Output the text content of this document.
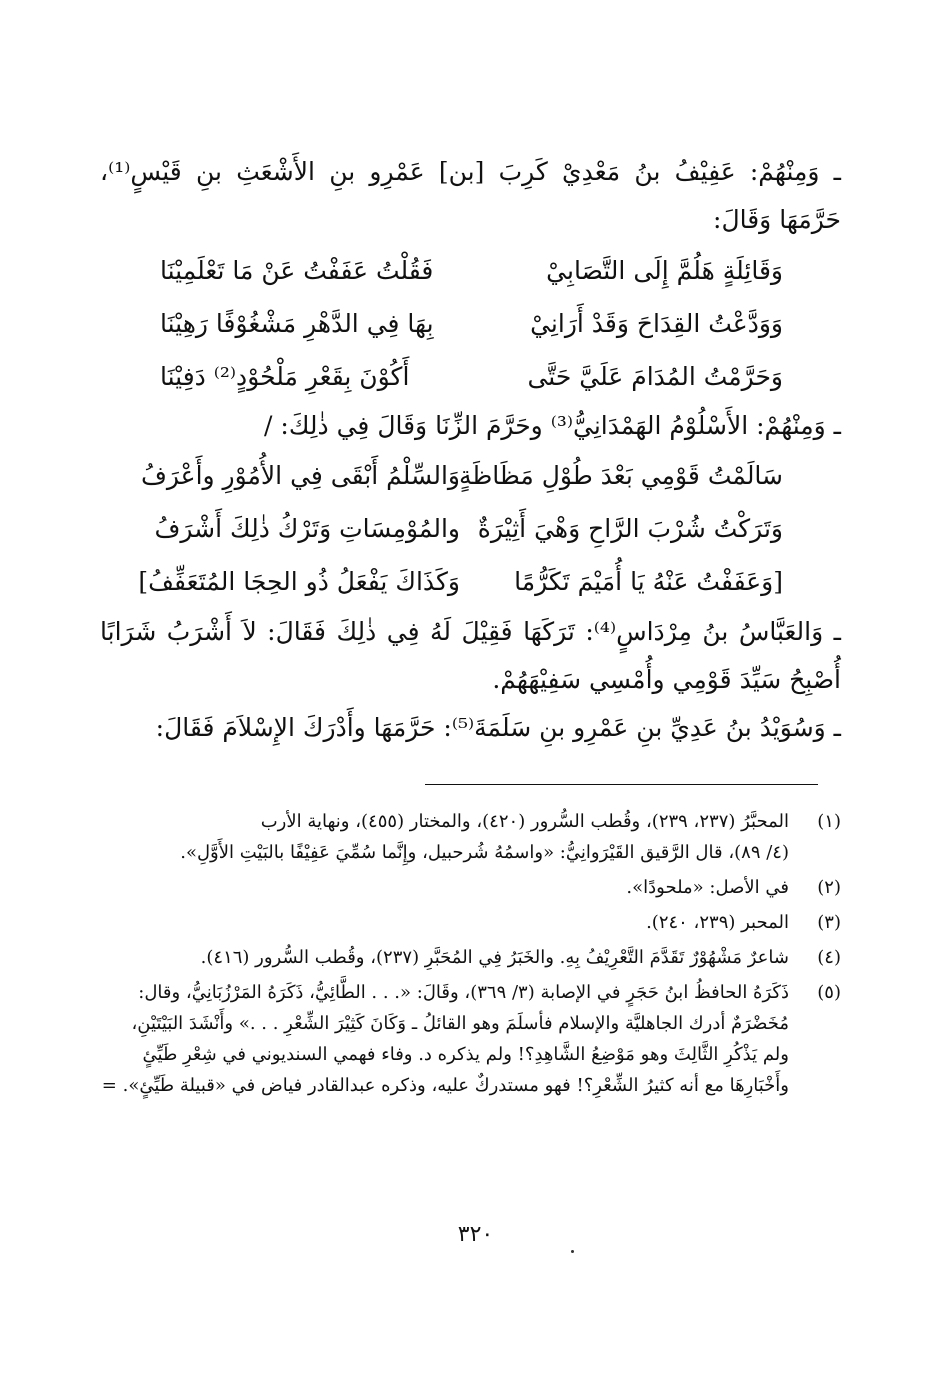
ـ وَمِنْهُمْ: عَفِيْفُ بنُ مَعْدِيْ كَرِبَ [بن] عَمْرِو بنِ الأَشْعَثِ بنِ قَيْسٍ⁽¹⁾، حَرَّمَهَا وَقَالَ:
وَقَائِلَةٍ هَلُمَّ إِلَى التَّصَابِيْ
فَقُلْتُ عَفَفْتُ عَنْ مَا تَعْلَمِيْنَا
وَوَدَّعْتُ القِدَاحَ وَقَدْ أَرَانِيْ
بِهَا فِي الدَّهْرِ مَشْغُوْفًا رَهِيْنَا
وَحَرَّمْتُ المُدَامَ عَلَيَّ حَتَّى
أَكُوْنَ بِقَعْرِ مَلْحُوْدٍ⁽²⁾ دَفِيْنَا
ـ وَمِنْهُمْ: الأَسْلُوْمُ الهَمْدَانِيُّ⁽³⁾ وحَرَّمَ الزِّنَا وَقَالَ فِي ذٰلِكَ: /
سَالَمْتُ قَوْمِي بَعْدَ طُوْلِ مَظَاظَةٍ
وَالسِّلْمُ أَبْقَى فِي الأُمُوْرِ وأَعْرَفُ
وَتَرَكْتُ شُرْبَ الرَّاحِ وَهْيَ أَثِيْرَةٌ
والمُوْمِسَاتِ وَتَرْكُ ذٰلِكَ أَشْرَفُ
[وَعَفَفْتُ عَنْهُ يَا أُمَيْمَ تَكَرُّمًا
وَكَذَاكَ يَفْعَلُ ذُو الحِجَا المُتَعَفِّفُ]
ـ وَالعَبَّاسُ بنُ مِرْدَاسٍ⁽⁴⁾: تَرَكَهَا فَقِيْلَ لَهُ فِي ذٰلِكَ فَقَالَ: لاَ أَشْرَبُ شَرَابًا أُصْبِحُ سَيِّدَ قَوْمِي وأُمْسِي سَفِيْهَهُمْ.
ـ وَسُوَيْدُ بنُ عَدِيِّ بنِ عَمْرِو بنِ سَلَمَةَ⁽⁵⁾: حَرَّمَهَا وأَدْرَكَ الإِسْلاَمَ فَقَالَ:
(١)
المحبَّرُ (٢٣٧، ٢٣٩)، وقُطب السُّرور (٤٢٠)، والمختار (٤٥٥)، ونهاية الأرب
(٤/ ٨٩)، قال الرَّقيق القَيْرَوانِيُّ: «واسمُهُ شُرحبيل، وإِنَّما سُمِّيَ عَفِيْفًا بالبَيْتِ الأَوَّلِ».
(٢)
في الأصل: «ملحودًا».
(٣)
المحبر (٢٣٩، ٢٤٠).
(٤)
شاعرٌ مَشْهُوْرٌ تَقَدَّمَ التَّعْرِيْفُ بِهِ. والخَبَرُ فِي المُحَبَّرِ (٢٣٧)، وقُطب السُّرور (٤١٦).
(٥)
ذَكَرَهُ الحافظُ ابنُ حَجَرٍ في الإصابة (٣/ ٣٦٩)، وقَالَ: «. . . الطَّائِيُّ، ذَكَرَهُ المَرْزُبَانِيُّ، وقال:
مُخَضْرَمٌ أدرك الجاهليَّة والإسلام فأسلَمَ وهو القائلُ ـ وَكَانَ كَثِيْرَ الشِّعْرِ . . .» وأَنْشَدَ البَيْتَيْنِ،
ولم يَذْكُرِ الثَّالِثَ وهو مَوْضِعُ الشَّاهِدِ؟! ولم يذكره د. وفاء فهمي السنديوني في شِعْرِ طَيِّئٍ
وأَخْبَارِهَا مع أنه كثيرُ الشِّعْرِ؟! فهو مستدركٌ عليه، وذكره عبدالقادر فياض في «قبيلة طَيِّئٍ». =
٣٢٠
